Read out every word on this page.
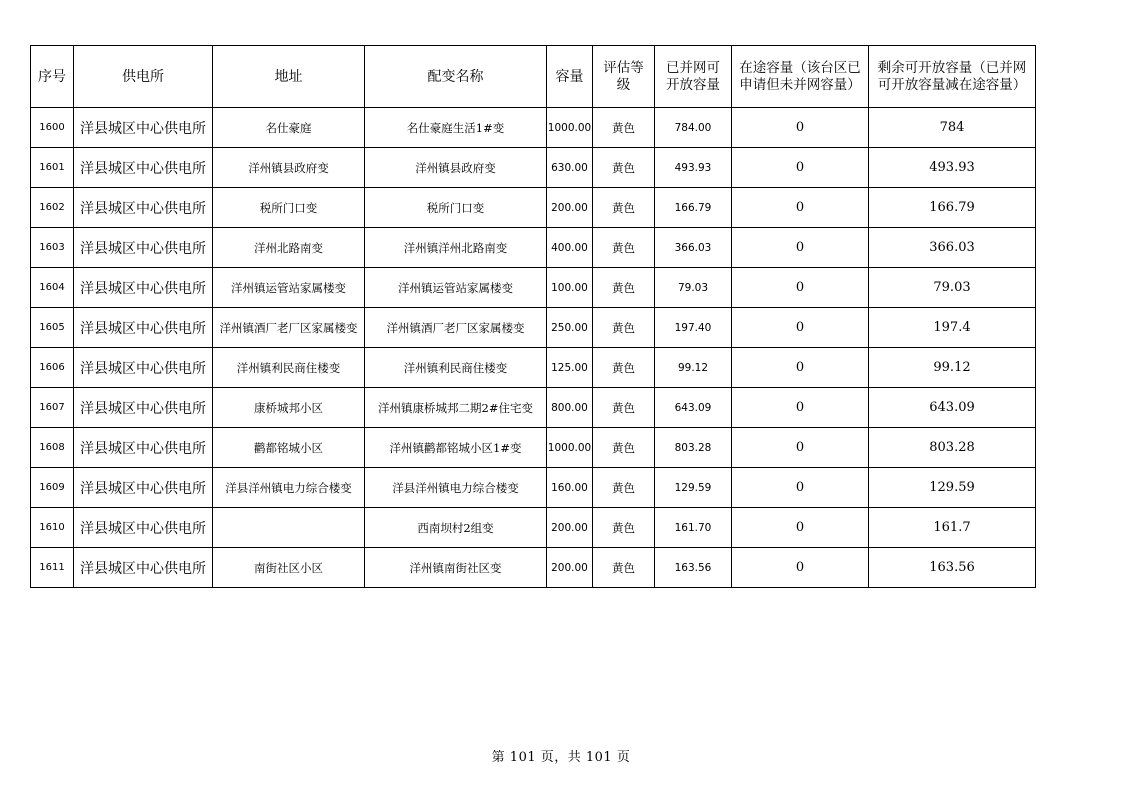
序号	供电所	地址	配变名称	容量	评估等级	已并网可开放容量	在途容量（该台区已申请但未并网容量）	剩余可开放容量（已并网可开放容量减在途容量）
1600	洋县城区中心供电所	名仕豪庭	名仕豪庭生活1#变	1000.00	黄色	784.00	0	784
1601	洋县城区中心供电所	洋州镇县政府变	洋州镇县政府变	630.00	黄色	493.93	0	493.93
1602	洋县城区中心供电所	税所门口变	税所门口变	200.00	黄色	166.79	0	166.79
1603	洋县城区中心供电所	洋州北路南变	洋州镇洋州北路南变	400.00	黄色	366.03	0	366.03
1604	洋县城区中心供电所	洋州镇运管站家属楼变	洋州镇运管站家属楼变	100.00	黄色	79.03	0	79.03
1605	洋县城区中心供电所	洋州镇酒厂老厂区家属楼变	洋州镇酒厂老厂区家属楼变	250.00	黄色	197.40	0	197.4
1606	洋县城区中心供电所	洋州镇利民商住楼变	洋州镇利民商住楼变	125.00	黄色	99.12	0	99.12
1607	洋县城区中心供电所	康桥城邦小区	洋州镇康桥城邦二期2#住宅变	800.00	黄色	643.09	0	643.09
1608	洋县城区中心供电所	鹳都铭城小区	洋州镇鹳都铭城小区1#变	1000.00	黄色	803.28	0	803.28
1609	洋县城区中心供电所	洋县洋州镇电力综合楼变	洋县洋州镇电力综合楼变	160.00	黄色	129.59	0	129.59
1610	洋县城区中心供电所		西南坝村2组变	200.00	黄色	161.70	0	161.7
1611	洋县城区中心供电所	南街社区小区	洋州镇南街社区变	200.00	黄色	163.56	0	163.56
第 101 页，共 101 页
